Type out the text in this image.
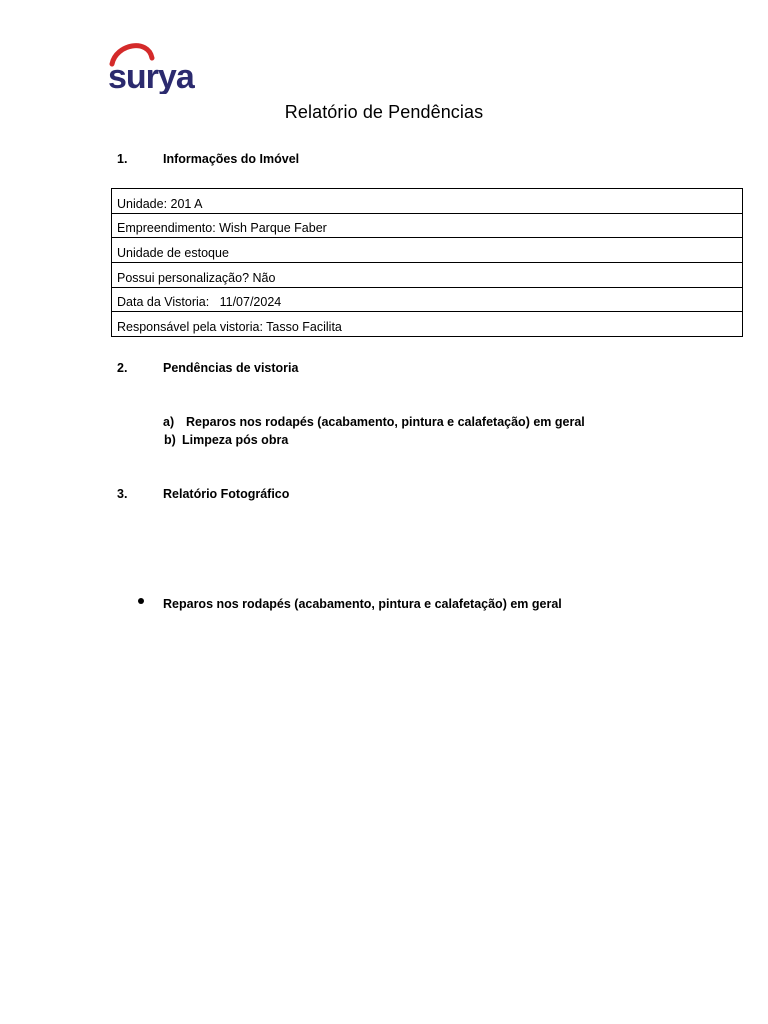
surya
Relatório de Pendências
1.	Informações do Imóvel
Unidade: 201 A
Empreendimento: Wish Parque Faber
Unidade de estoque
Possui personalização? Não
Data da Vistoria:   11/07/2024
Responsável pela vistoria: Tasso Facilita
2.	Pendências de vistoria
a) Reparos nos rodapés (acabamento, pintura e calafetação) em geral
b) Limpeza pós obra
3.	Relatório Fotográfico
Reparos nos rodapés (acabamento, pintura e calafetação) em geral
